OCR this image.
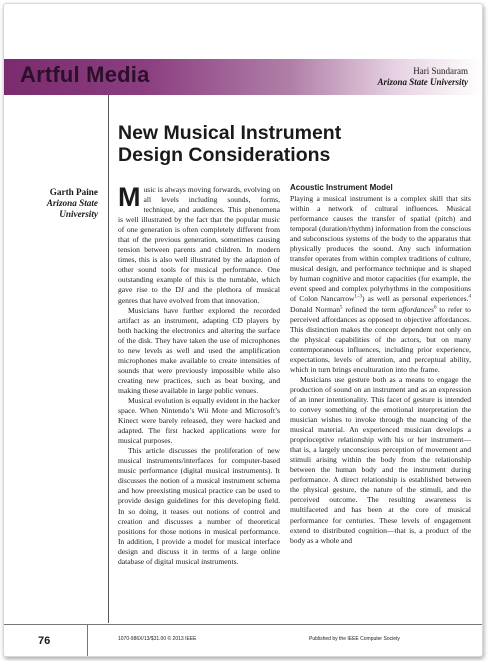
Artful Media	Hari Sundaram
Arizona State University
New Musical Instrument
Design Considerations
Garth Paine
Arizona State
University

Music is always moving forwards, evolving on all levels including sounds, forms, technique, and audiences. This phenomena is well illustrated by the fact that the popular music of one generation is often completely different from that of the previous generation, sometimes causing tension between parents and children. In modern times, this is also well illustrated by the adaption of other sound tools for musical performance. One outstanding example of this is the turntable, which gave rise to the DJ and the plethora of musical genres that have evolved from that innovation.

Musicians have further explored the recorded artifact as an instrument, adapting CD players by both hacking the electronics and altering the surface of the disk. They have taken the use of microphones to new levels as well and used the amplification microphones make available to create intensities of sounds that were previously impossible while also creating new practices, such as beat boxing, and making these available in large public venues.

Musical evolution is equally evident in the hacker space. When Nintendo’s Wii Mote and Microsoft’s Kinect were barely released, they were hacked and adapted. The first hacked applications were for musical purposes.

This article discusses the proliferation of new musical instruments/interfaces for computer-based music performance (digital musical instruments). It discusses the notion of a musical instrument schema and how preexisting musical practice can be used to provide design guidelines for this developing field. In so doing, it teases out notions of control and creation and discusses a number of theoretical positions for those notions in musical performance. In addition, I provide a model for musical interface design and discuss it in terms of a large online database of digital musical instruments.

Acoustic Instrument Model

Playing a musical instrument is a complex skill that sits within a network of cultural influences. Musical performance causes the transfer of spatial (pitch) and temporal (duration/rhythm) information from the conscious and subconscious systems of the body to the apparatus that physically produces the sound. Any such information transfer operates from within complex traditions of culture, musical design, and performance technique and is shaped by human cognitive and motor capacities (for example, the event speed and complex polyrhythms in the compositions of Colon Nancarrow$^{1-3}$) as well as personal experiences.$^4$ Donald Norman$^5$ refined the term affordances$^6$ to refer to perceived affordances as opposed to objective affordances. This distinction makes the concept dependent not only on the physical capabilities of the actors, but on many contemporaneous influences, including prior experience, expectations, levels of attention, and perceptual ability, which in turn brings enculturation into the frame.

Musicians use gesture both as a means to engage the production of sound on an instrument and as an expression of an inner intentionality. This facet of gesture is intended to convey something of the emotional interpretation the musician wishes to invoke through the nuancing of the musical material. An experienced musician develops a proprioceptive relationship with his or her instrument—that is, a largely unconscious perception of movement and stimuli arising within the body from the relationship between the human body and the instrument during performance. A direct relationship is established between the physical gesture, the nature of the stimuli, and the perceived outcome. The resulting awareness is multifaceted and has been at the core of musical performance for centuries. These levels of engagement extend to distributed cognition—that is, a product of the body as a whole and

76	1070-986X/13/$31.00 © 2013 IEEE	Published by the IEEE Computer Society
